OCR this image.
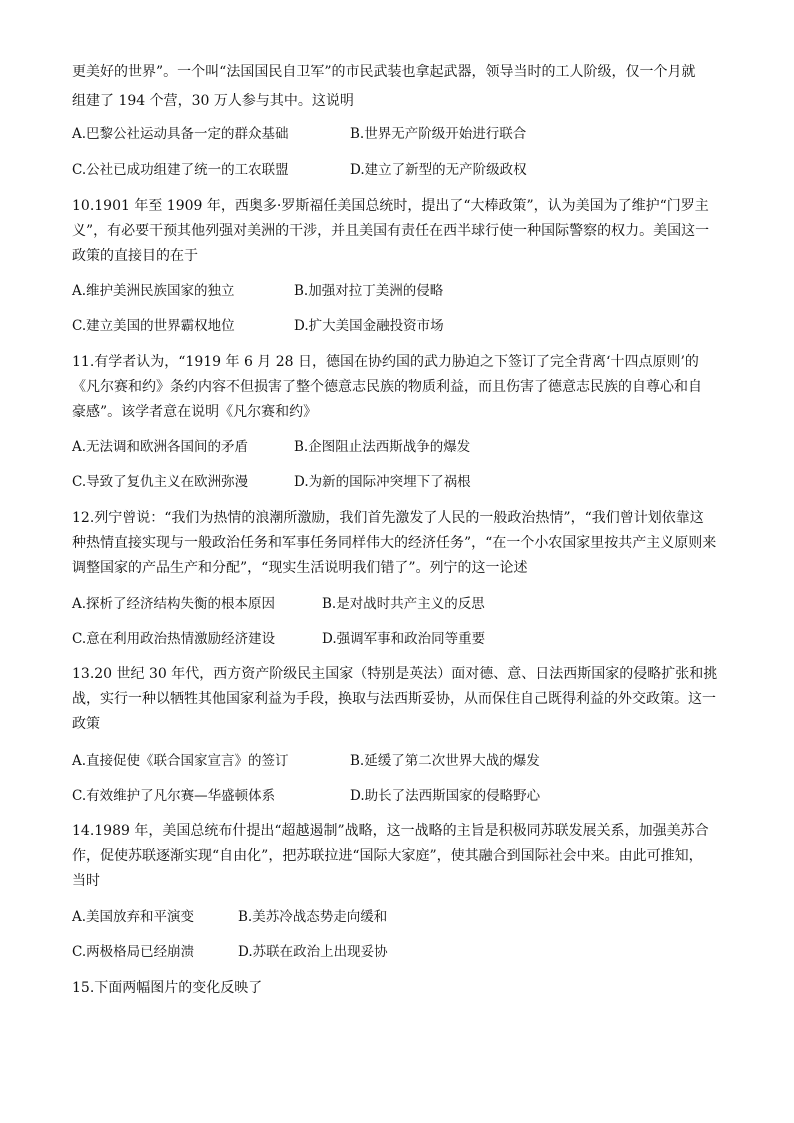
更美好的世界”。一个叫“法国国民自卫军”的市民武装也拿起武器，领导当时的工人阶级，仅一个月就
组建了 194 个营，30 万人参与其中。这说明
A.巴黎公社运动具备一定的群众基础	B.世界无产阶级开始进行联合
C.公社已成功组建了统一的工农联盟	D.建立了新型的无产阶级政权
10.1901 年至 1909 年，西奥多·罗斯福任美国总统时，提出了“大棒政策”，认为美国为了维护“门罗主
义”，有必要干预其他列强对美洲的干涉，并且美国有责任在西半球行使一种国际警察的权力。美国这一
政策的直接目的在于
A.维护美洲民族国家的独立	B.加强对拉丁美洲的侵略
C.建立美国的世界霸权地位	D.扩大美国金融投资市场
11.有学者认为，“1919 年 6 月 28 日，德国在协约国的武力胁迫之下签订了完全背离‘十四点原则’的
《凡尔赛和约》条约内容不但损害了整个德意志民族的物质利益，而且伤害了德意志民族的自尊心和自
豪感”。该学者意在说明《凡尔赛和约》
A.无法调和欧洲各国间的矛盾	B.企图阻止法西斯战争的爆发
C.导致了复仇主义在欧洲弥漫	D.为新的国际冲突埋下了祸根
12.列宁曾说：“我们为热情的浪潮所激励，我们首先激发了人民的一般政治热情”，“我们曾计划依靠这
种热情直接实现与一般政治任务和军事任务同样伟大的经济任务”，“在一个小农国家里按共产主义原则来
调整国家的产品生产和分配”，“现实生活说明我们错了”。列宁的这一论述
A.探析了经济结构失衡的根本原因	B.是对战时共产主义的反思
C.意在利用政治热情激励经济建设	D.强调军事和政治同等重要
13.20 世纪 30 年代，西方资产阶级民主国家（特别是英法）面对德、意、日法西斯国家的侵略扩张和挑
战，实行一种以牺牲其他国家利益为手段，换取与法西斯妥协，从而保住自己既得利益的外交政策。这一
政策
A.直接促使《联合国家宣言》的签订	B.延缓了第二次世界大战的爆发
C.有效维护了凡尔赛—华盛顿体系	D.助长了法西斯国家的侵略野心
14.1989 年，美国总统布什提出“超越遏制”战略，这一战略的主旨是积极同苏联发展关系，加强美苏合
作，促使苏联逐渐实现“自由化”，把苏联拉进“国际大家庭”，使其融合到国际社会中来。由此可推知，
当时
A.美国放弃和平演变	B.美苏冷战态势走向缓和
C.两极格局已经崩溃	D.苏联在政治上出现妥协
15.下面两幅图片的变化反映了
